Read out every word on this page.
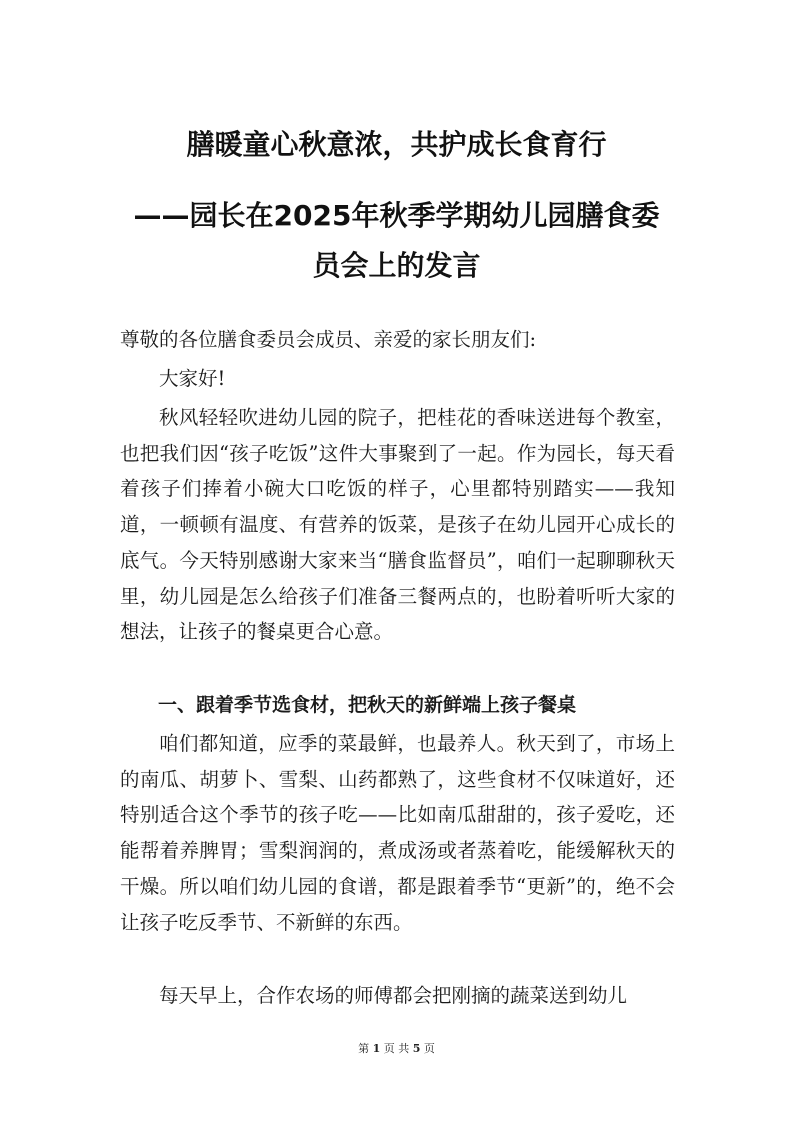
膳暖童心秋意浓，共护成长食育行
——园长在2025年秋季学期幼儿园膳食委
员会上的发言

尊敬的各位膳食委员会成员、亲爱的家长朋友们:

大家好!

秋风轻轻吹进幼儿园的院子，把桂花的香味送进每个教室，也把我们因“孩子吃饭”这件大事聚到了一起。作为园长，每天看着孩子们捧着小碗大口吃饭的样子，心里都特别踏实——我知道，一顿顿有温度、有营养的饭菜，是孩子在幼儿园开心成长的底气。今天特别感谢大家来当“膳食监督员”，咱们一起聊聊秋天里，幼儿园是怎么给孩子们准备三餐两点的，也盼着听听大家的想法，让孩子的餐桌更合心意。

一、跟着季节选食材，把秋天的新鲜端上孩子餐桌

咱们都知道，应季的菜最鲜，也最养人。秋天到了，市场上的南瓜、胡萝卜、雪梨、山药都熟了，这些食材不仅味道好，还特别适合这个季节的孩子吃——比如南瓜甜甜的，孩子爱吃，还能帮着养脾胃；雪梨润润的，煮成汤或者蒸着吃，能缓解秋天的干燥。所以咱们幼儿园的食谱，都是跟着季节“更新”的，绝不会让孩子吃反季节、不新鲜的东西。

每天早上，合作农场的师傅都会把刚摘的蔬菜送到幼儿

第 1 页 共 5 页
